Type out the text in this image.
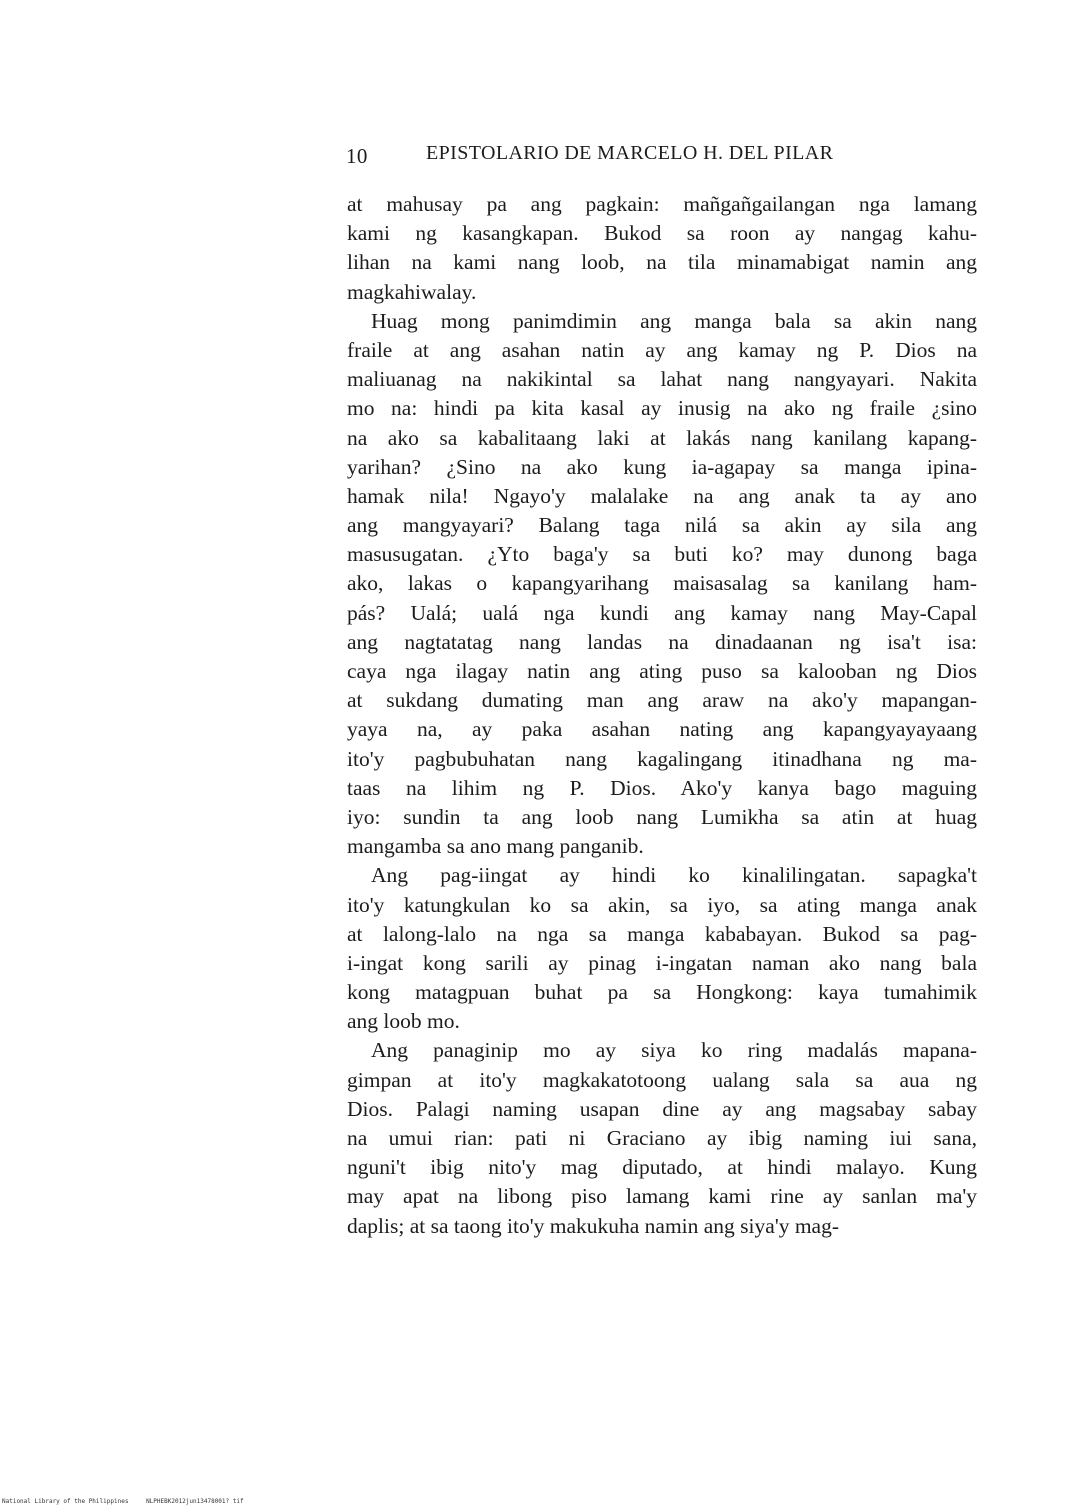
10	EPISTOLARIO DE MARCELO H. DEL PILAR

at mahusay pa ang pagkain: mañgañgailangan nga lamang
kami ng kasangkapan. Bukod sa roon ay nangag kahu-
lihan na kami nang loob, na tila minamabigat namin ang
magkahiwalay.

Huag mong panimdimin ang manga bala sa akin nang
fraile at ang asahan natin ay ang kamay ng P. Dios na
maliuanag na nakikintal sa lahat nang nangyayari. Nakita
mo na: hindi pa kita kasal ay inusig na ako ng fraile ¿sino
na ako sa kabalitaang laki at lakás nang kanilang kapang-
yarihan? ¿Sino na ako kung ia-agapay sa manga ipina-
hamak nila! Ngayo'y malalake na ang anak ta ay ano
ang mangyayari? Balang taga nilá sa akin ay sila ang
masusugatan. ¿Yto baga'y sa buti ko? may dunong baga
ako, lakas o kapangyarihang maisasalag sa kanilang ham-
pás? Ualá; ualá nga kundi ang kamay nang May-Capal
ang nagtatatag nang landas na dinadaanan ng isa't isa:
caya nga ilagay natin ang ating puso sa kalooban ng Dios
at sukdang dumating man ang araw na ako'y mapangan-
yaya na, ay paka asahan nating ang kapangyayayaang
ito'y pagbubuhatan nang kagalingang itinadhana ng ma-
taas na lihim ng P. Dios. Ako'y kanya bago maguing
iyo: sundin ta ang loob nang Lumikha sa atin at huag
mangamba sa ano mang panganib.

Ang pag-iingat ay hindi ko kinalilingatan. sapagka't
ito'y katungkulan ko sa akin, sa iyo, sa ating manga anak
at lalong-lalo na nga sa manga kababayan. Bukod sa pag-
i-ingat kong sarili ay pinag i-ingatan naman ako nang bala
kong matagpuan buhat pa sa Hongkong: kaya tumahimik
ang loob mo.

Ang panaginip mo ay siya ko ring madalás mapana-
gimpan at ito'y magkakatotoong ualang sala sa aua ng
Dios. Palagi naming usapan dine ay ang magsabay sabay
na umui rian: pati ni Graciano ay ibig naming iui sana,
nguni't ibig nito'y mag diputado, at hindi malayo. Kung
may apat na libong piso lamang kami rine ay sanlan ma'y
daplis; at sa taong ito'y makukuha namin ang siya'y mag-

National Library of the Philippines	NLPHEBK2012jun13478001? tif
